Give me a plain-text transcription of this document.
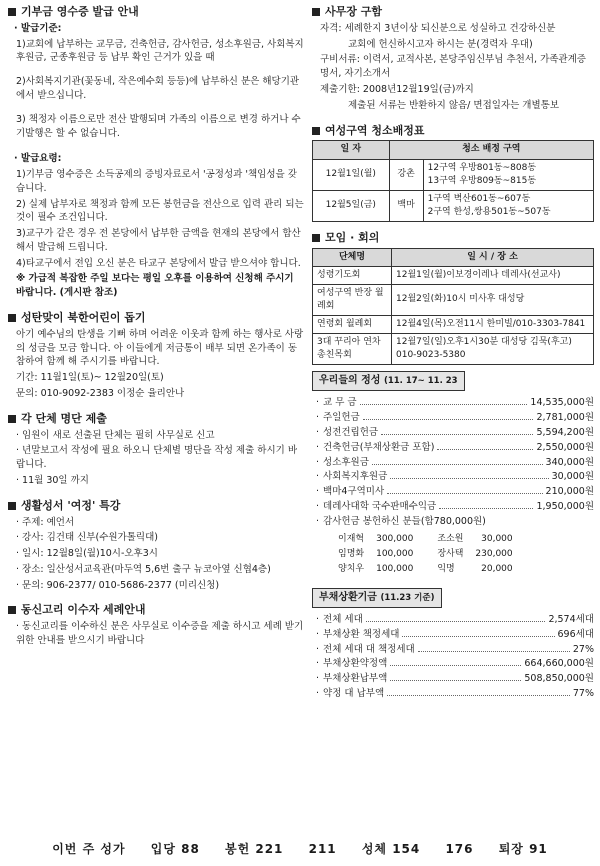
기부금 영수증 발급 안내
· 발급기준:

1)교회에 납부하는 교무금, 건축헌금, 감사헌금, 성소후원금, 사회복지후원금, 군종후원금 등 납부 확인 근거가 있을 때

2)사회복지기관(꽃동네, 작은예수회 등등)에 납부하신 분은 해당기관에서 받으십니다.

3) 책정자 이름으로만 전산 발행되며 가족의 이름으로 변경 하거나 수기발행은 할 수 없습니다.

· 발급요령:

1)기부금 영수증은 소득공제의 증빙자료로서 '공정성과 '책임성을 갖습니다.

2) 실제 납부자로 책정과 함께 모든 봉헌금을 전산으로 입력 관리 되는것이 필수 조건입니다.

3)교구가 같은 경우 전 본당에서 납부한 금액을 현재의 본당에서 합산해서 발급해 드립니다.

4)타교구에서 전입 오신 분은 타교구 본당에서 발급 받으셔야 합니다.

※ 가급적 복잡한 주일 보다는 평일 오후를 이용하여 신청해 주시기 바랍니다. (게시판 참조)

성탄맞이 북한어린이 돕기

아기 예수님의 탄생을 기뻐 하며 어려운 이웃과 함께 하는 행사로 사랑의 성금을 모금 합니다. 아 이들에게 저금통이 배부 되면 온가족이 동참하여 함께 해 주시기를 바랍니다.

기간: 11월1일(토)~ 12월20일(토)

문의: 010-9092-2383 이정순 율리안나

각 단체 명단 제출

· 임원이 새로 선출된 단체는 필히 사무실로 신고

· 년말보고서 작성에 필요 하오니 단체별 명단을 작성 제출 하시기 바랍니다.

· 11월 30일 까지

생활성서 '여정' 특강

· 주제: 예언서

· 강사: 김건태 신부(수원가톨릭대)

· 일시: 12월8일(월)10시-오후3시

· 장소: 일산성서교육관(마두역 5,6번 출구 뉴코아옆 신협4층)

· 문의: 906-2377/ 010-5686-2377 (미리신청)

동신고리 이수자 세례안내

· 동신교리를 이수하신 분은 사무실로 이수증을 제출 하시고 세례 받기 위한 안내를 받으시기 바랍니다

사무장 구함

자격: 세례한지 3년이상 되신분으로 성실하고 건강하신분

교회에 헌신하시고자 하시는 분(경력자 우대)

구비서류: 이력서, 교적사본, 본당주임신부님 추천서, 가족관계증명서, 자기소개서

제출기한: 2008년12월19일(금)까지

제출된 서류는 반환하지 않음/ 면접일자는 개별통보

여성구역 청소배정표
일 자	청소 배정 구역	
12월1일(월)	강촌	12구역 우방801동~808동
13구역 우방809동~815동

12월5일(금)	백마	1구역 벽산601동~607동
2구역 한성,쌍용501동~507동
모임 · 회의
단체명	일 시 / 장 소
성령기도회	12월1일(월)이보경이레나 데레사(선교사)
여성구역 반장 월례회	12월2일(화)10시 미사후 대성당
연령회 월례회	12월4일(목)오전11시 한미빌/010-3303-7841
3대 꾸리아 연차 총친목회	12월7일(일)오후1시30분 대성당 김묵(후고) 010-9023-5380
우리들의 정성 (11. 17~ 11. 23
· 교 무 금	14,535,000원
· 주일헌금	2,781,000원
· 성전건립헌금	5,594,200원
· 건축헌금(부채상환금 포함)	2,550,000원
· 성소후원금	340,000원
· 사회복지후원금	30,000원
· 백마4구역미사	210,000원
· 데레사대학 국수판매수익금	1,950,000원
· 감사헌금 봉헌하신 분들(합780,000원)
이재혁	300,000	조소원	30,000
임명화	100,000	장사택	230,000
양치우	100,000	익명	20,000
부채상환기금 (11.23 기준)
· 전체 세대	2,574세대
· 부채상환 책정세대	696세대
· 전체 세대 대 책정세대	27%
· 부채상환약정액	664,660,000원
· 부채상환납부액	508,850,000원
· 약정 대 납부액	77%
이번 주 성가 입당 88 봉헌 221 211 성체 154 176 퇴장 91
